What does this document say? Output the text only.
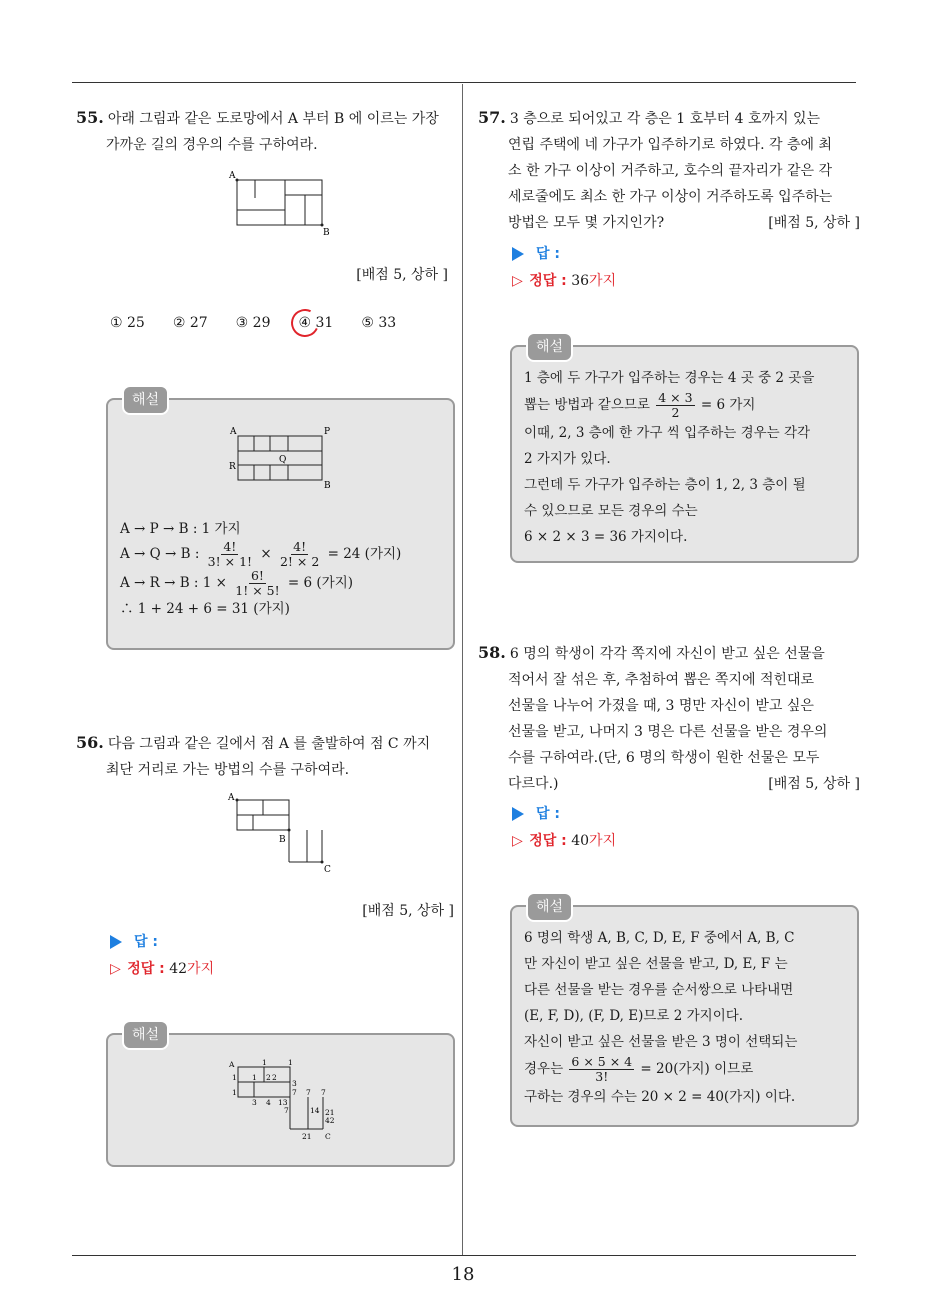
18
55. 아래 그림과 같은 도로망에서 A 부터 B 에 이르는 가장
가까운 길의 경우의 수를 구하여라.
A
B
[배점 5, 상하 ]
① 25 ② 27 ③ 29 ④ 31 ⑤ 33
해설
A	P
Q
R
B
A → P → B : 1 가지
A → Q → B : $\frac{4!}{3! \times 1!} \times \frac{4!}{2! \times 2} = 24$ (가지)
A → R → B : $1 \times \frac{6!}{1! \times 5!} = 6$ (가지)
∴ 1 + 24 + 6 = 31 (가지)
56. 다음 그림과 같은 길에서 점 A 를 출발하여 점 C 까지
최단 거리로 가는 방법의 수를 구하여라.
A
B
C
[배점 5, 상하 ]
답 :
▷ 정답 : 42가지
해설
A	1	1
1 1 2 2
3
1
3 4 13
7 7 7
7	14 21
42
21 C
57. 3 층으로 되어있고 각 층은 1 호부터 4 호까지 있는
연립 주택에 네 가구가 입주하기로 하였다. 각 층에 최
소 한 가구 이상이 거주하고, 호수의 끝자리가 같은 각
세로줄에도 최소 한 가구 이상이 거주하도록 입주하는
방법은 모두 몇 가지인가?	[배점 5, 상하 ]
답 :
▷ 정답 : 36가지
해설
1 층에 두 가구가 입주하는 경우는 4 곳 중 2 곳을
뽑는 방법과 같으므로 $\frac{4 \times 3}{2} = 6$ 가지
이때, 2, 3 층에 한 가구 씩 입주하는 경우는 각각
2 가지가 있다.
그런데 두 가구가 입주하는 층이 1, 2, 3 층이 될
수 있으므로 모든 경우의 수는
6 × 2 × 3 = 36 가지이다.
58. 6 명의 학생이 각각 쪽지에 자신이 받고 싶은 선물을
적어서 잘 섞은 후, 추첨하여 뽑은 쪽지에 적힌대로
선물을 나누어 가졌을 때, 3 명만 자신이 받고 싶은
선물을 받고, 나머지 3 명은 다른 선물을 받은 경우의
수를 구하여라.(단, 6 명의 학생이 원한 선물은 모두
다르다.)	[배점 5, 상하 ]
답 :
▷ 정답 : 40가지
해설
6 명의 학생 A, B, C, D, E, F 중에서 A, B, C
만 자신이 받고 싶은 선물을 받고, D, E, F 는
다른 선물을 받는 경우를 순서쌍으로 나타내면
(E, F, D), (F, D, E)므로 2 가지이다.
자신이 받고 싶은 선물을 받은 3 명이 선택되는
경우는 $\frac{6 \times 5 \times 4}{3!} = 20$(가지) 이므로
구하는 경우의 수는 20 × 2 = 40(가지) 이다.
